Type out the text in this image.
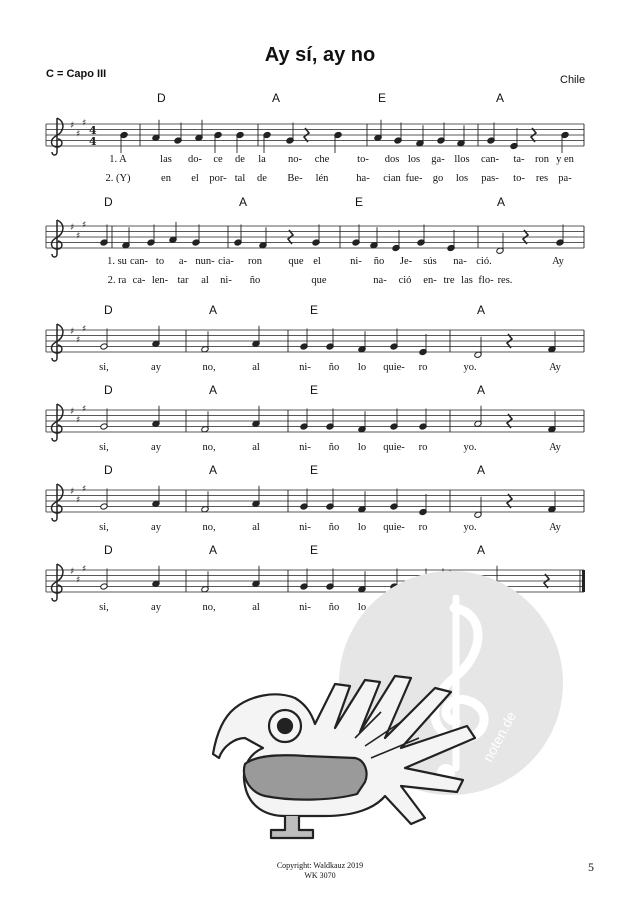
Ay sí, ay no
C = Capo III	Chile
D	A	E	A
♯
♯
♯
4
4
1. A	las do- ce de la no- che	to- dos los ga- llos can- ta- ron y en
2. (Y)	en el por- tal de Be- lén	ha- cian fue- go los pas- to- res pa-
D	A	E	A
♯
♯
♯
1. su can- to a- nun- cia- ron	que el	ni- ño Je- sús na- ció.	Ay
2. ra ca- len- tar al ni- ño	que	na- ció en- tre las flo- res.
D	A	E	A
♯
♯
♯
si,	ay	no,	al	ni- ño lo quie- ro	yo.	Ay
D	A	E	A
♯
♯
♯
si,	ay	no,	al	ni- ño lo quie- ro	yo.	Ay
D	A	E	A
♯
♯
♯
si,	ay	no,	al	ni- ño lo quie- ro	yo.	Ay
D	A	E	A
♯
♯
♯
si,	ay	no,	al	ni- ño lo
noten.de
Copyright: Waldkauz 2019
WK 3070
5
